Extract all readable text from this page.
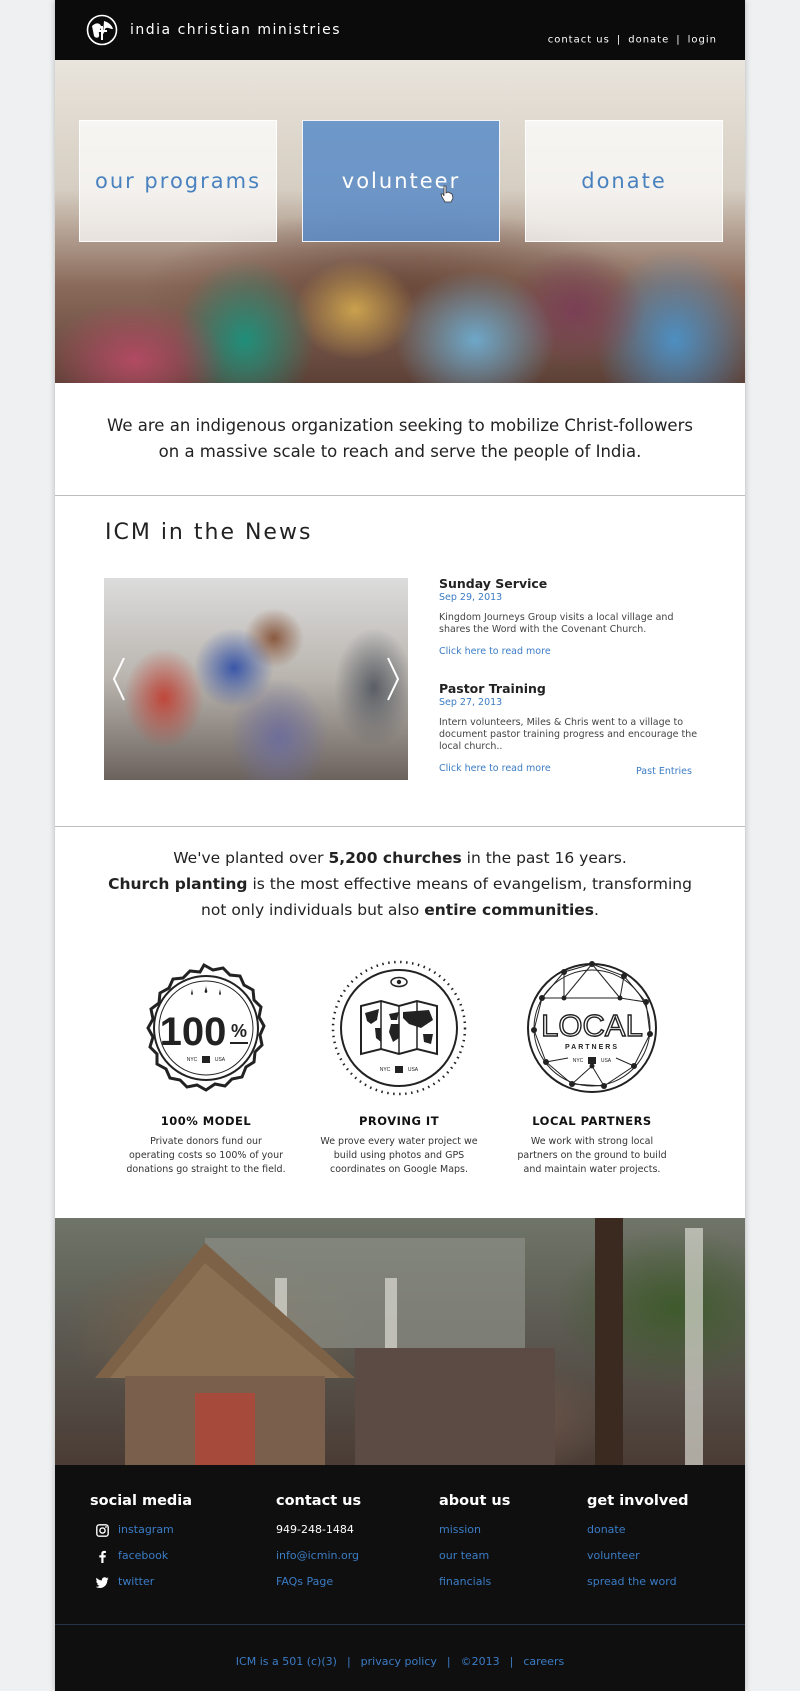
india christian ministries
contact us | donate | login
our programs	volunteer	donate

We are an indigenous organization seeking to mobilize Christ-followers on a massive scale to reach and serve the people of India.

ICM in the News
Sunday Service
Sep 29, 2013
Kingdom Journeys Group visits a local village and shares the Word with the Covenant Church.
Click here to read more
Pastor Training
Sep 27, 2013
Intern volunteers, Miles & Chris went to a village to document pastor training progress and encourage the local church..
Click here to read more	Past Entries
We've planted over 5,200 churches in the past 16 years.
Church planting is the most effective means of evangelism, transforming
not only individuals but also entire communities.
100 %
NYC	USA
100% MODEL
Private donors fund our operating costs so 100% of your donations go straight to the field.
NYC	USA
PROVING IT
We prove every water project we build using photos and GPS coordinates on Google Maps.
LOCAL
PARTNERS
NYC	USA
LOCAL PARTNERS
We work with strong local partners on the ground to build and maintain water projects.
social media
instagram
facebook
twitter
contact us
949-248-1484
info@icmin.org
FAQs Page
about us
mission
our team
financials
get involved
donate
volunteer
spread the word
ICM is a 501 (c)(3) | privacy policy | ©2013 | careers
